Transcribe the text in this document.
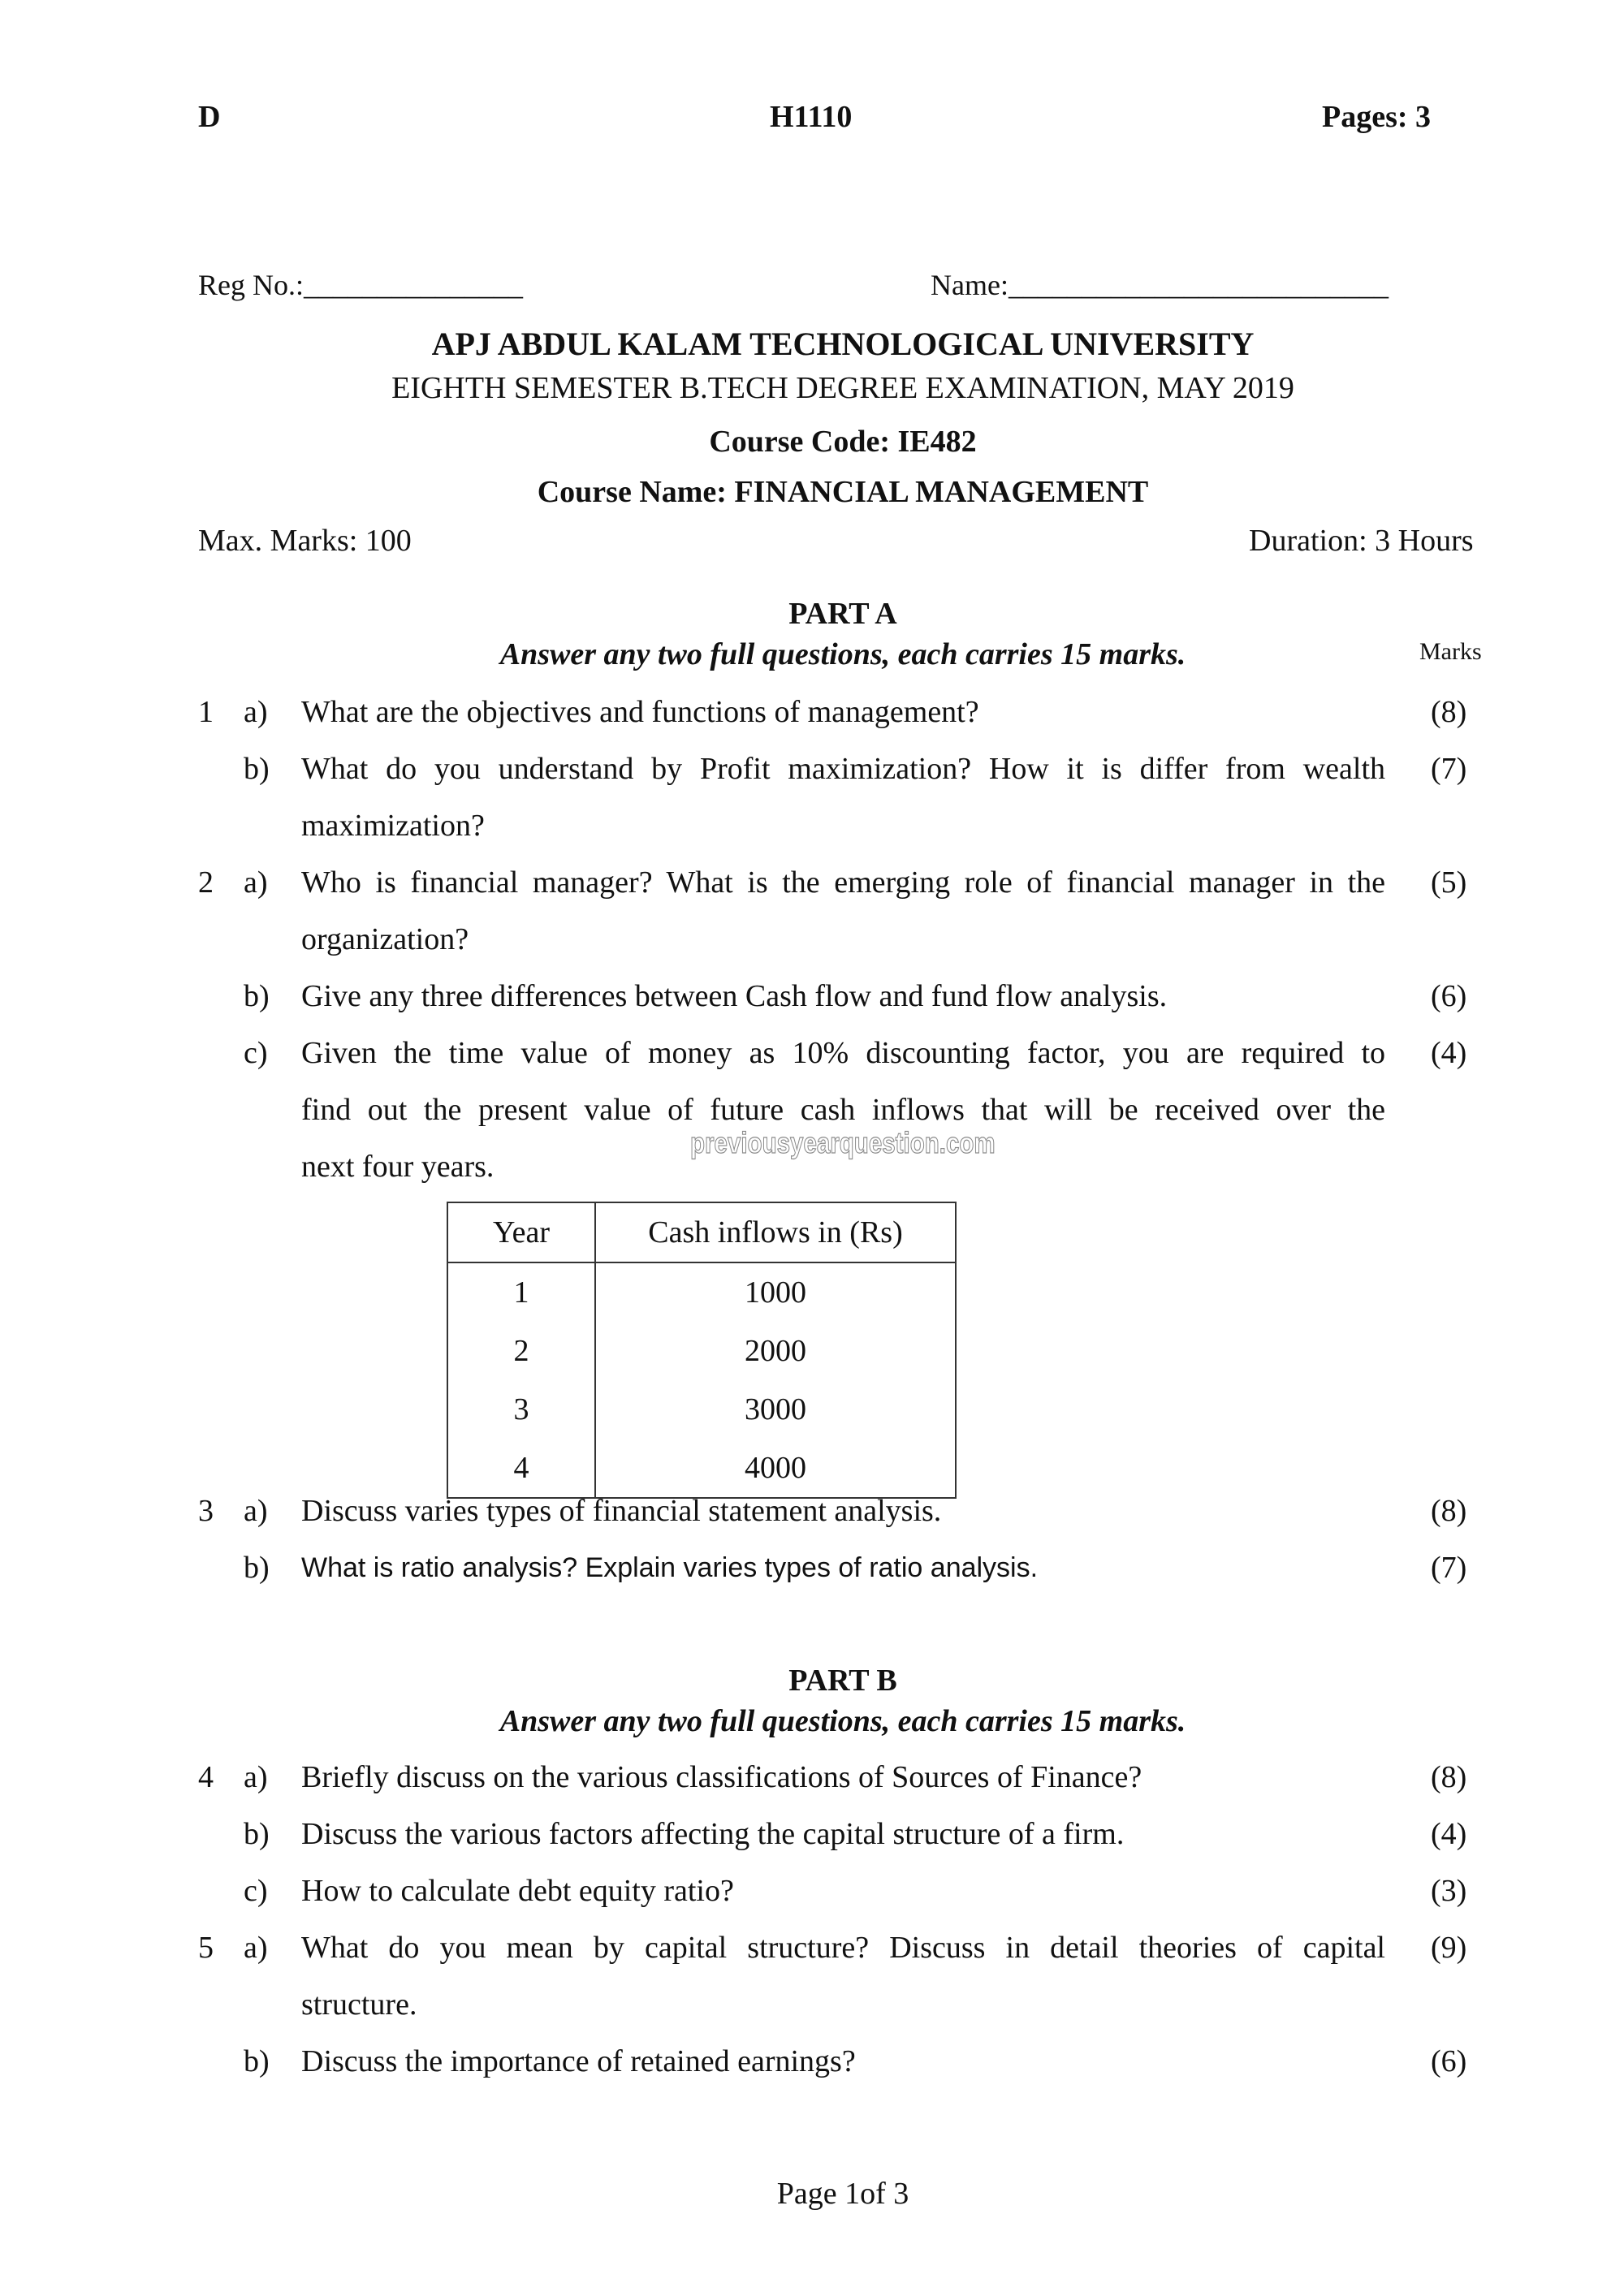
D	H1110	Pages: 3
Reg No.:_______________	Name:__________________________
APJ ABDUL KALAM TECHNOLOGICAL UNIVERSITY
EIGHTH SEMESTER B.TECH DEGREE EXAMINATION, MAY 2019
Course Code: IE482
Course Name: FINANCIAL MANAGEMENT
Max. Marks: 100	Duration: 3 Hours
PART A
Answer any two full questions, each carries 15 marks.	Marks
1 a) What are the objectives and functions of management?	(8)
b) What do you understand by Profit maximization? How it is differ from wealth (7)
maximization?
2 a) Who is financial manager? What is the emerging role of financial manager in the (5)
organization?
b) Give any three differences between Cash flow and fund flow analysis.	(6)
c) Given the time value of money as 10% discounting factor, you are required to (4)
find out the present value of future cash inflows that will be received over the
next four years.
previousyearquestion.com
Year	Cash inflows in (Rs)
1	1000
2	2000
3	3000
4	4000
3 a) Discuss varies types of financial statement analysis.	(8)
b) What is ratio analysis? Explain varies types of ratio analysis.	(7)
PART B
Answer any two full questions, each carries 15 marks.
4 a) Briefly discuss on the various classifications of Sources of Finance?	(8)
b) Discuss the various factors affecting the capital structure of a firm.	(4)
c) How to calculate debt equity ratio?	(3)
5 a) What do you mean by capital structure? Discuss in detail theories of capital (9)
structure.
b) Discuss the importance of retained earnings?	(6)
Page 1of 3
